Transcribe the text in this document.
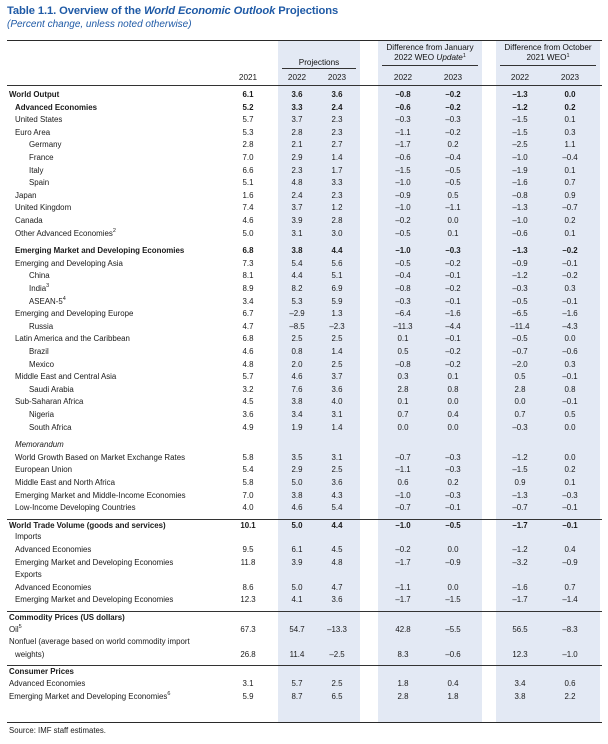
Table 1.1. Overview of the World Economic Outlook Projections
(Percent change, unless noted otherwise)
Projections
Difference from January
2022 WEO Update$^1$
Difference from October
2021 WEO$^1$
2021	2022	2023	2022	2023	2022	2023
World Output	6.1	3.6	3.6	–0.8	–0.2	–1.3	0.0
Advanced Economies	5.2	3.3	2.4	–0.6	–0.2	–1.2	0.2
United States	5.7	3.7	2.3	–0.3	–0.3	–1.5	0.1
Euro Area	5.3	2.8	2.3	–1.1	–0.2	–1.5	0.3
Germany	2.8	2.1	2.7	–1.7	0.2	–2.5	1.1
France	7.0	2.9	1.4	–0.6	–0.4	–1.0	–0.4
Italy	6.6	2.3	1.7	–1.5	–0.5	–1.9	0.1
Spain	5.1	4.8	3.3	–1.0	–0.5	–1.6	0.7
Japan	1.6	2.4	2.3	–0.9	0.5	–0.8	0.9
United Kingdom	7.4	3.7	1.2	–1.0	–1.1	–1.3	–0.7
Canada	4.6	3.9	2.8	–0.2	0.0	–1.0	0.2
Other Advanced Economies$^2$	5.0	3.1	3.0	–0.5	0.1	–0.6	0.1
Emerging Market and Developing Economies	6.8	3.8	4.4	–1.0	–0.3	–1.3	–0.2
Emerging and Developing Asia	7.3	5.4	5.6	–0.5	–0.2	–0.9	–0.1
China	8.1	4.4	5.1	–0.4	–0.1	–1.2	–0.2
India$^3$	8.9	8.2	6.9	–0.8	–0.2	–0.3	0.3
ASEAN-$5^4$	3.4	5.3	5.9	–0.3	–0.1	–0.5	–0.1
Emerging and Developing Europe	6.7	–2.9	1.3	–6.4	–1.6	–6.5	–1.6
Russia	4.7	–8.5	–2.3	–11.3	–4.4	–11.4	–4.3
Latin America and the Caribbean	6.8	2.5	2.5	0.1	–0.1	–0.5	0.0
Brazil	4.6	0.8	1.4	0.5	–0.2	–0.7	–0.6
Mexico	4.8	2.0	2.5	–0.8	–0.2	–2.0	0.3
Middle East and Central Asia	5.7	4.6	3.7	0.3	0.1	0.5	–0.1
Saudi Arabia	3.2	7.6	3.6	2.8	0.8	2.8	0.8
Sub-Saharan Africa	4.5	3.8	4.0	0.1	0.0	0.0	–0.1
Nigeria	3.6	3.4	3.1	0.7	0.4	0.7	0.5
South Africa	4.9	1.9	1.4	0.0	0.0	–0.3	0.0
Memorandum
World Growth Based on Market Exchange Rates	5.8	3.5	3.1	–0.7	–0.3	–1.2	0.0
European Union	5.4	2.9	2.5	–1.1	–0.3	–1.5	0.2
Middle East and North Africa	5.8	5.0	3.6	0.6	0.2	0.9	0.1
Emerging Market and Middle-Income Economies	7.0	3.8	4.3	–1.0	–0.3	–1.3	–0.3
Low-Income Developing Countries	4.0	4.6	5.4	–0.7	–0.1	–0.7	–0.1
World Trade Volume (goods and services)	10.1	5.0	4.4	–1.0	–0.5	–1.7	–0.1
Imports
Advanced Economies	9.5	6.1	4.5	–0.2	0.0	–1.2	0.4
Emerging Market and Developing Economies	11.8	3.9	4.8	–1.7	–0.9	–3.2	–0.9
Exports
Advanced Economies	8.6	5.0	4.7	–1.1	0.0	–1.6	0.7
Emerging Market and Developing Economies	12.3	4.1	3.6	–1.7	–1.5	–1.7	–1.4
Commodity Prices (US dollars)
Oil$^5$	67.3	54.7	–13.3	42.8	–5.5	56.5	–8.3
Nonfuel (average based on world commodity import
weights)	26.8	11.4	–2.5	8.3	–0.6	12.3	–1.0
Consumer Prices
Advanced Economies	3.1	5.7	2.5	1.8	0.4	3.4	0.6
Emerging Market and Developing Economies$^6$	5.9	8.7	6.5	2.8	1.8	3.8	2.2
Source: IMF staff estimates.
